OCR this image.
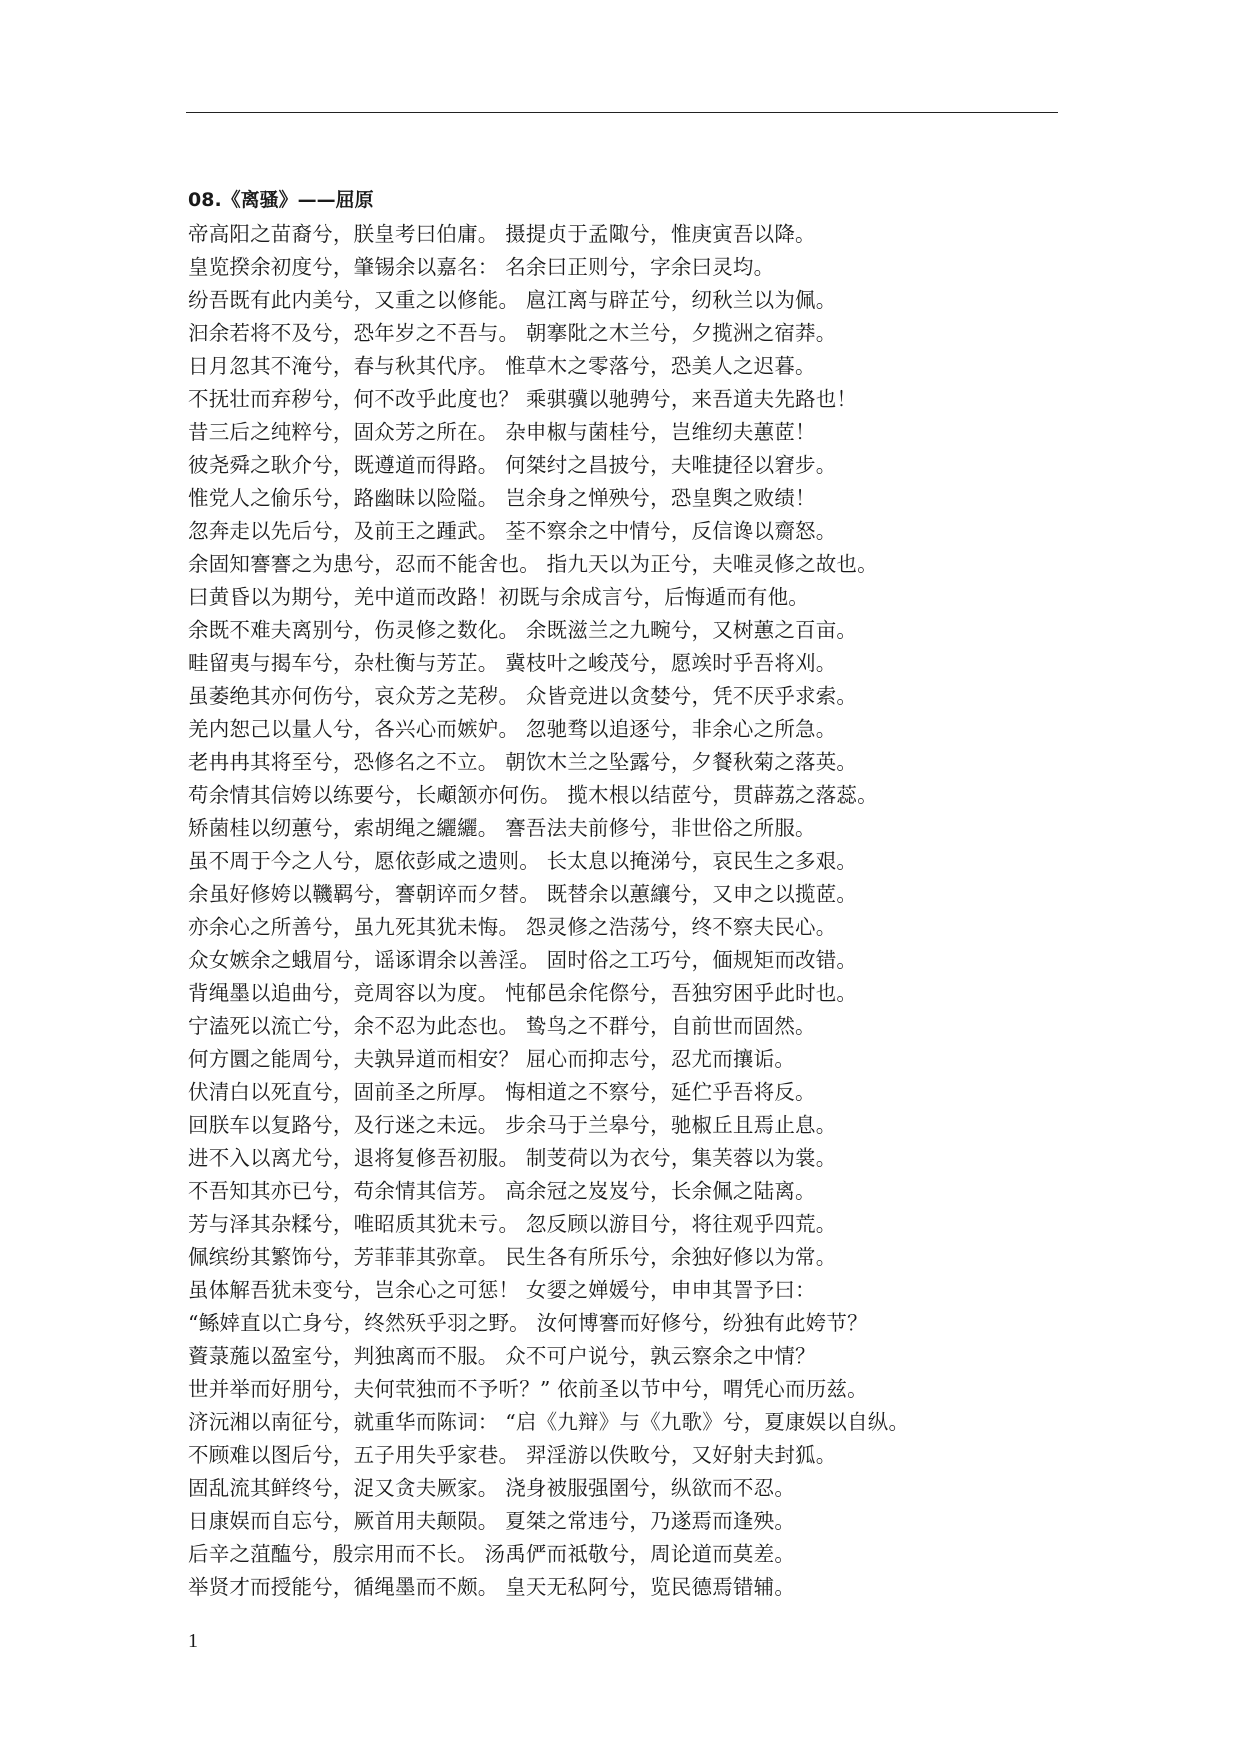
08.《离骚》——屈原
帝高阳之苗裔兮，朕皇考曰伯庸。 摄提贞于孟陬兮，惟庚寅吾以降。
皇览揆余初度兮，肇锡余以嘉名： 名余曰正则兮，字余曰灵均。
纷吾既有此内美兮，又重之以修能。 扈江离与辟芷兮，纫秋兰以为佩。
汩余若将不及兮，恐年岁之不吾与。 朝搴阰之木兰兮，夕揽洲之宿莽。
日月忽其不淹兮，春与秋其代序。 惟草木之零落兮，恐美人之迟暮。
不抚壮而弃秽兮，何不改乎此度也？ 乘骐骥以驰骋兮，来吾道夫先路也！
昔三后之纯粹兮，固众芳之所在。 杂申椒与菌桂兮，岂维纫夫蕙茝！
彼尧舜之耿介兮，既遵道而得路。 何桀纣之昌披兮，夫唯捷径以窘步。
惟党人之偷乐兮，路幽昧以险隘。 岂余身之惮殃兮，恐皇舆之败绩！
忽奔走以先后兮，及前王之踵武。 荃不察余之中情兮，反信谗以齌怒。
余固知謇謇之为患兮，忍而不能舍也。 指九天以为正兮，夫唯灵修之故也。
曰黄昏以为期兮，羌中道而改路！初既与余成言兮，后悔遁而有他。
余既不难夫离别兮，伤灵修之数化。 余既滋兰之九畹兮，又树蕙之百亩。
畦留夷与揭车兮，杂杜衡与芳芷。 冀枝叶之峻茂兮，愿竢时乎吾将刈。
虽萎绝其亦何伤兮，哀众芳之芜秽。 众皆竞进以贪婪兮，凭不厌乎求索。
羌内恕己以量人兮，各兴心而嫉妒。 忽驰骛以追逐兮，非余心之所急。
老冉冉其将至兮，恐修名之不立。 朝饮木兰之坠露兮，夕餐秋菊之落英。
苟余情其信姱以练要兮，长顑颔亦何伤。 揽木根以结茝兮，贯薜荔之落蕊。
矫菌桂以纫蕙兮，索胡绳之纚纚。 謇吾法夫前修兮，非世俗之所服。
虽不周于今之人兮，愿依彭咸之遗则。 长太息以掩涕兮，哀民生之多艰。
余虽好修姱以鞿羁兮，謇朝谇而夕替。 既替余以蕙纕兮，又申之以揽茝。
亦余心之所善兮，虽九死其犹未悔。 怨灵修之浩荡兮，终不察夫民心。
众女嫉余之蛾眉兮，谣诼谓余以善淫。 固时俗之工巧兮，偭规矩而改错。
背绳墨以追曲兮，竞周容以为度。 忳郁邑余侘傺兮，吾独穷困乎此时也。
宁溘死以流亡兮，余不忍为此态也。 鸷鸟之不群兮，自前世而固然。
何方圜之能周兮，夫孰异道而相安？ 屈心而抑志兮，忍尤而攘诟。
伏清白以死直兮，固前圣之所厚。 悔相道之不察兮，延伫乎吾将反。
回朕车以复路兮，及行迷之未远。 步余马于兰皋兮，驰椒丘且焉止息。
进不入以离尤兮，退将复修吾初服。 制芰荷以为衣兮，集芙蓉以为裳。
不吾知其亦已兮，苟余情其信芳。 高余冠之岌岌兮，长余佩之陆离。
芳与泽其杂糅兮，唯昭质其犹未亏。 忽反顾以游目兮，将往观乎四荒。
佩缤纷其繁饰兮，芳菲菲其弥章。 民生各有所乐兮，余独好修以为常。
虽体解吾犹未变兮，岂余心之可惩！ 女媭之婵媛兮，申申其詈予曰：
“鲧婞直以亡身兮，终然殀乎羽之野。 汝何博謇而好修兮，纷独有此姱节？
薋菉葹以盈室兮，判独离而不服。 众不可户说兮，孰云察余之中情？
世并举而好朋兮，夫何茕独而不予听？” 依前圣以节中兮，喟凭心而历兹。
济沅湘以南征兮，就重华而陈词： “启《九辩》与《九歌》兮，夏康娱以自纵。
不顾难以图后兮，五子用失乎家巷。 羿淫游以佚畋兮，又好射夫封狐。
固乱流其鲜终兮，浞又贪夫厥家。 浇身被服强圉兮，纵欲而不忍。
日康娱而自忘兮，厥首用夫颠陨。 夏桀之常违兮，乃遂焉而逢殃。
后辛之菹醢兮，殷宗用而不长。 汤禹俨而祗敬兮，周论道而莫差。
举贤才而授能兮，循绳墨而不颇。 皇天无私阿兮，览民德焉错辅。
1
